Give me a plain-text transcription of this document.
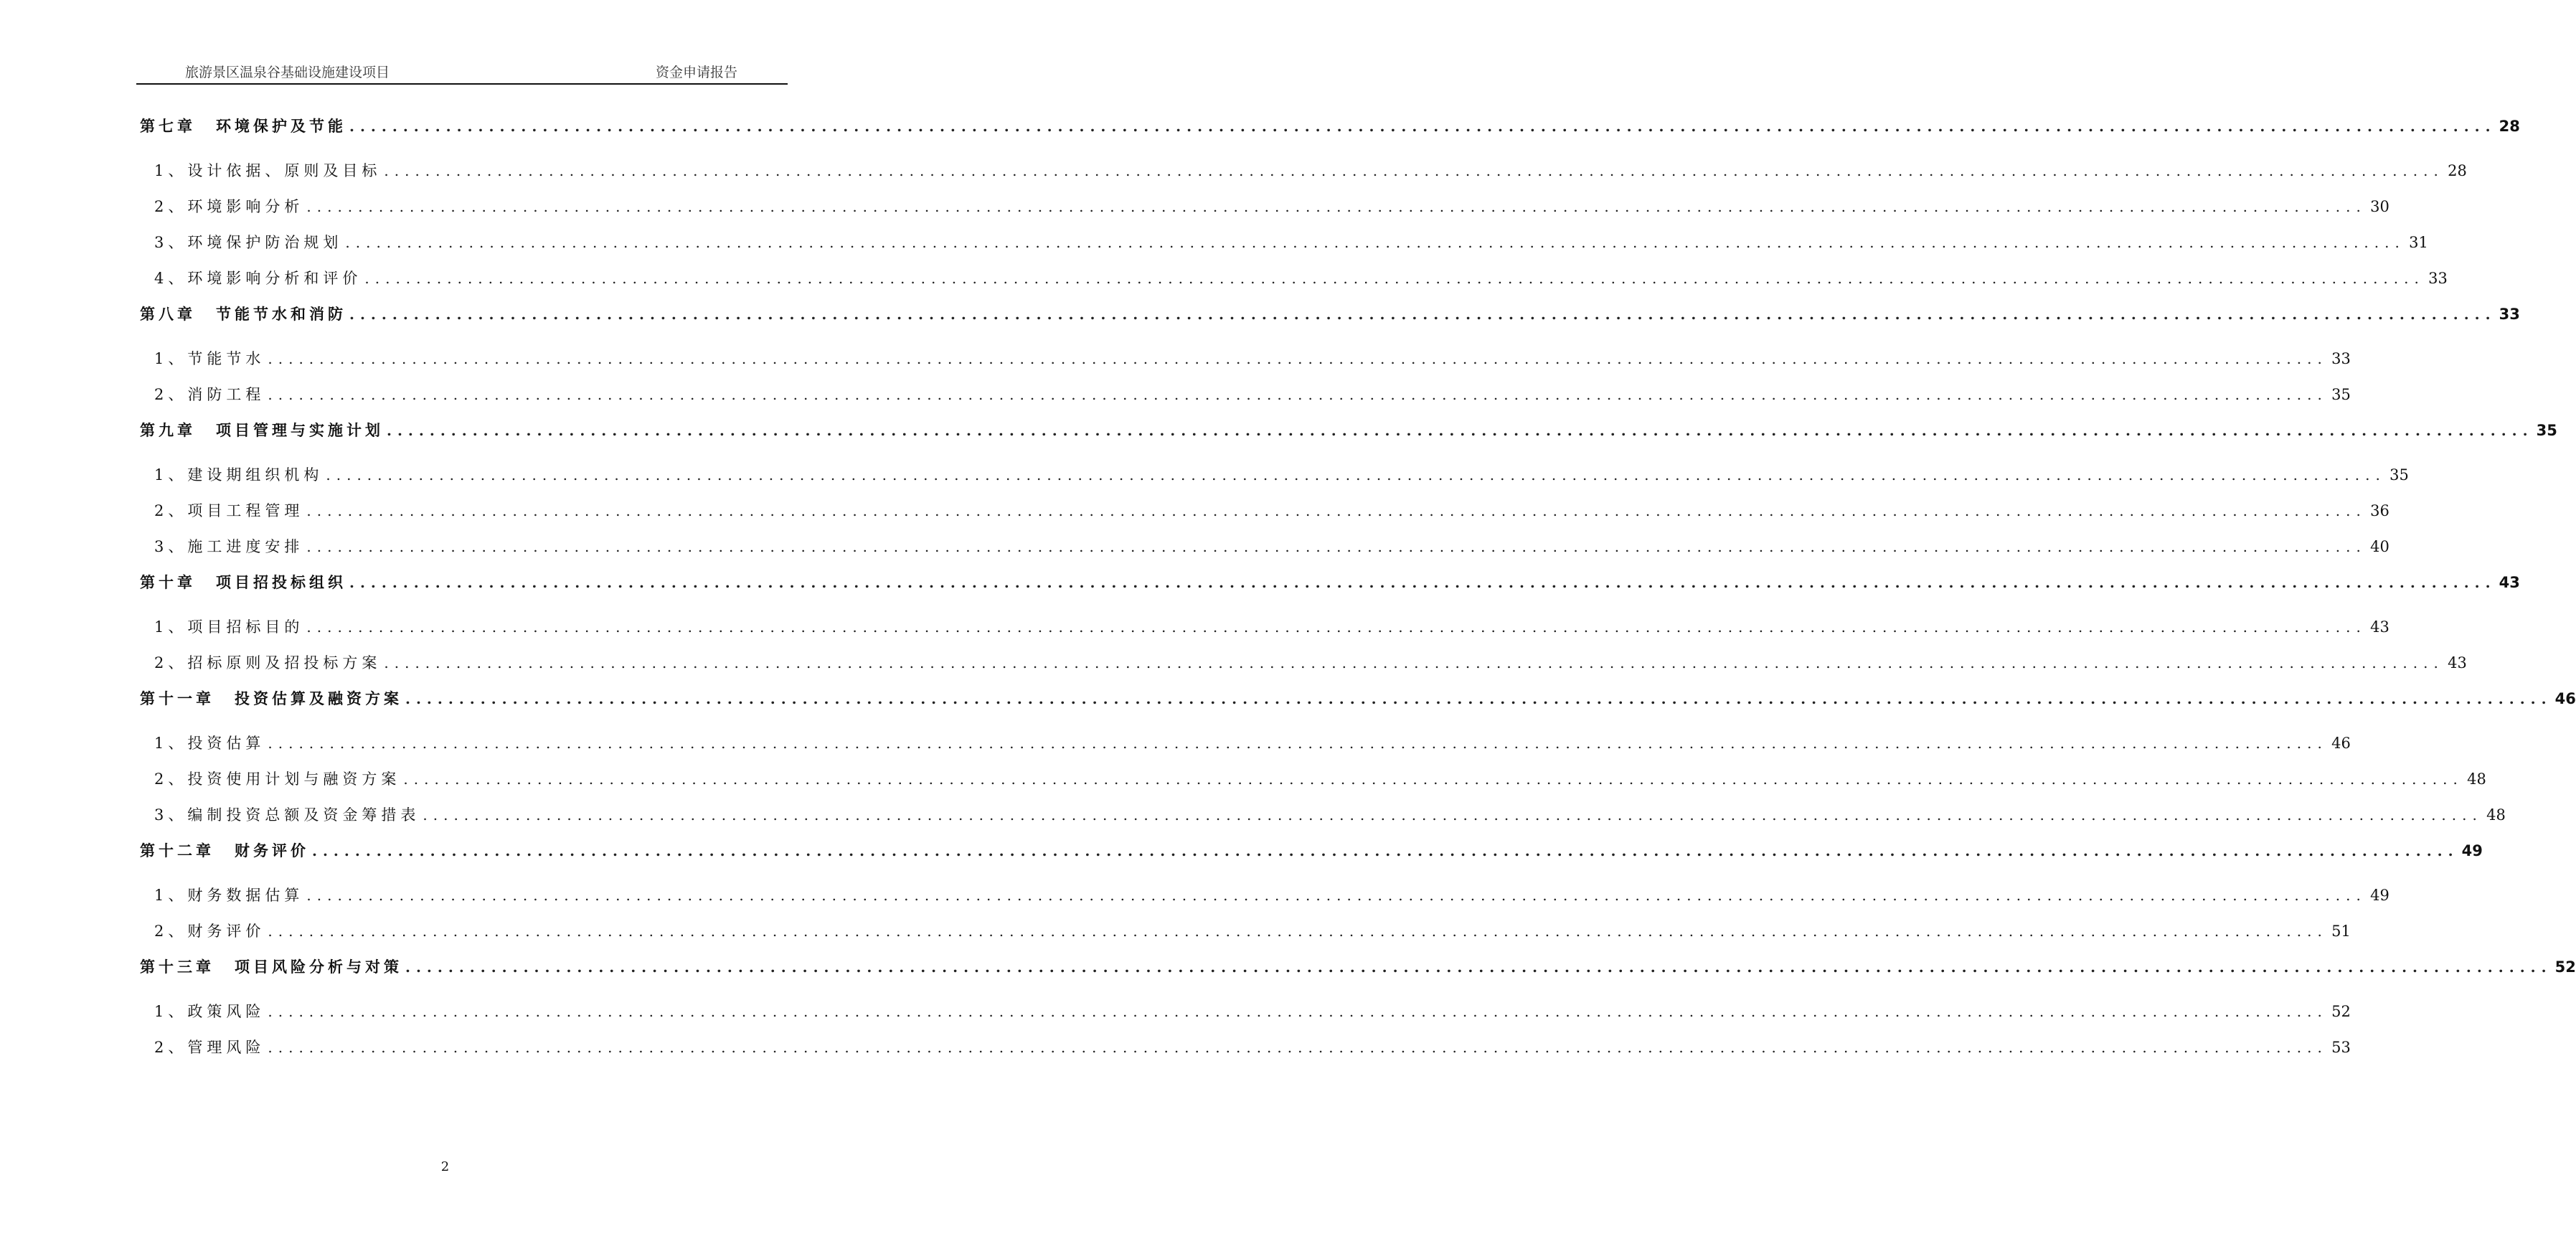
旅游景区温泉谷基础设施建设项目	资金申请报告
第七章 环境保护及节能 ........................................................................................................................................................................................................ 28
1、设计依据、原则及目标 ........................................................................................................................................................................................................ 28
2、环境影响分析 ........................................................................................................................................................................................................ 30
3、环境保护防治规划 ........................................................................................................................................................................................................ 31
4、环境影响分析和评价 ........................................................................................................................................................................................................ 33
第八章 节能节水和消防 ........................................................................................................................................................................................................ 33
1、节能节水 ........................................................................................................................................................................................................ 33
2、消防工程 ........................................................................................................................................................................................................ 35
第九章 项目管理与实施计划 ........................................................................................................................................................................................................ 35
1、建设期组织机构 ........................................................................................................................................................................................................ 35
2、项目工程管理 ........................................................................................................................................................................................................ 36
3、施工进度安排 ........................................................................................................................................................................................................ 40
第十章 项目招投标组织 ........................................................................................................................................................................................................ 43
1、项目招标目的 ........................................................................................................................................................................................................ 43
2、招标原则及招投标方案 ........................................................................................................................................................................................................ 43
第十一章 投资估算及融资方案 ........................................................................................................................................................................................................ 46
1、投资估算 ........................................................................................................................................................................................................ 46
2、投资使用计划与融资方案 ........................................................................................................................................................................................................ 48
3、编制投资总额及资金筹措表 ........................................................................................................................................................................................................ 48
第十二章 财务评价 ........................................................................................................................................................................................................ 49
1、财务数据估算 ........................................................................................................................................................................................................ 49
2、财务评价 ........................................................................................................................................................................................................ 51
第十三章 项目风险分析与对策 ........................................................................................................................................................................................................ 52
1、政策风险 ........................................................................................................................................................................................................ 52
2、管理风险 ........................................................................................................................................................................................................ 53
2
